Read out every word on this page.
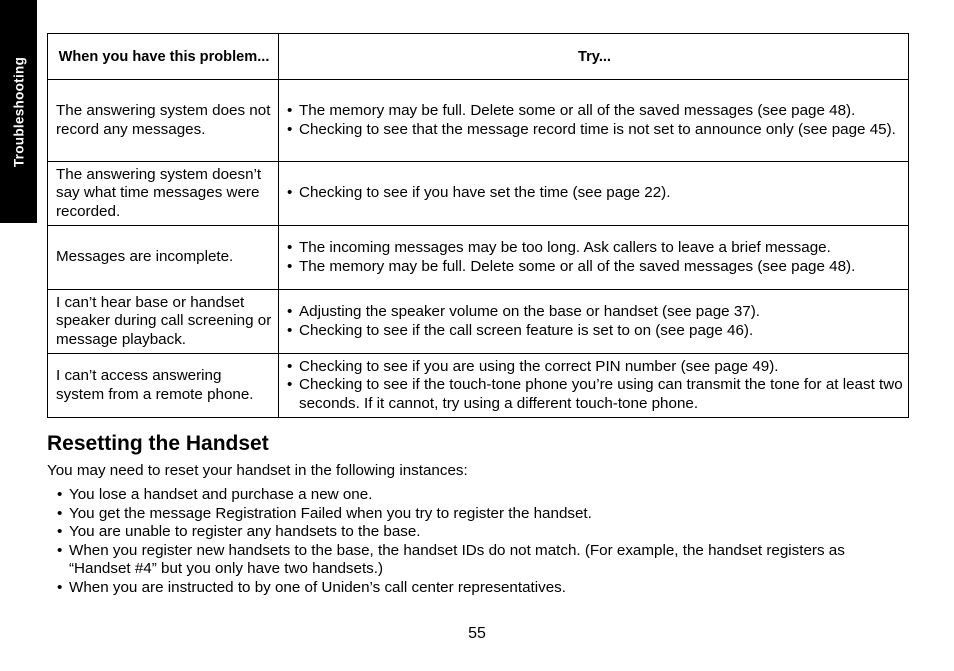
Troubleshooting When you have this problem...	Try...
The answering system does not record any messages.	• The memory may be full. Delete some or all of the saved messages (see page 48).
• Checking to see that the message record time is not set to announce only (see page 45).

The answering system doesn’t say what time messages were recorded.	• Checking to see if you have set the time (see page 22).

Messages are incomplete.	• The incoming messages may be too long. Ask callers to leave a brief message.
• The memory may be full. Delete some or all of the saved messages (see page 48).

I can’t hear base or handset speaker during call screening or message playback.	• Adjusting the speaker volume on the base or handset (see page 37).
• Checking to see if the call screen feature is set to on (see page 46).

I can’t access answering system from a remote phone.	• Checking to see if you are using the correct PIN number (see page 49).
• Checking to see if the touch-tone phone you’re using can transmit the tone for at least two seconds. If it cannot, try using a different touch-tone phone.
Resetting the Handset

You may need to reset your handset in the following instances:

• You lose a handset and purchase a new one.
• You get the message Registration Failed when you try to register the handset.
• You are unable to register any handsets to the base.
• When you register new handsets to the base, the handset IDs do not match. (For example, the handset registers as “Handset #4” but you only have two handsets.)
• When you are instructed to by one of Uniden’s call center representatives.
55
